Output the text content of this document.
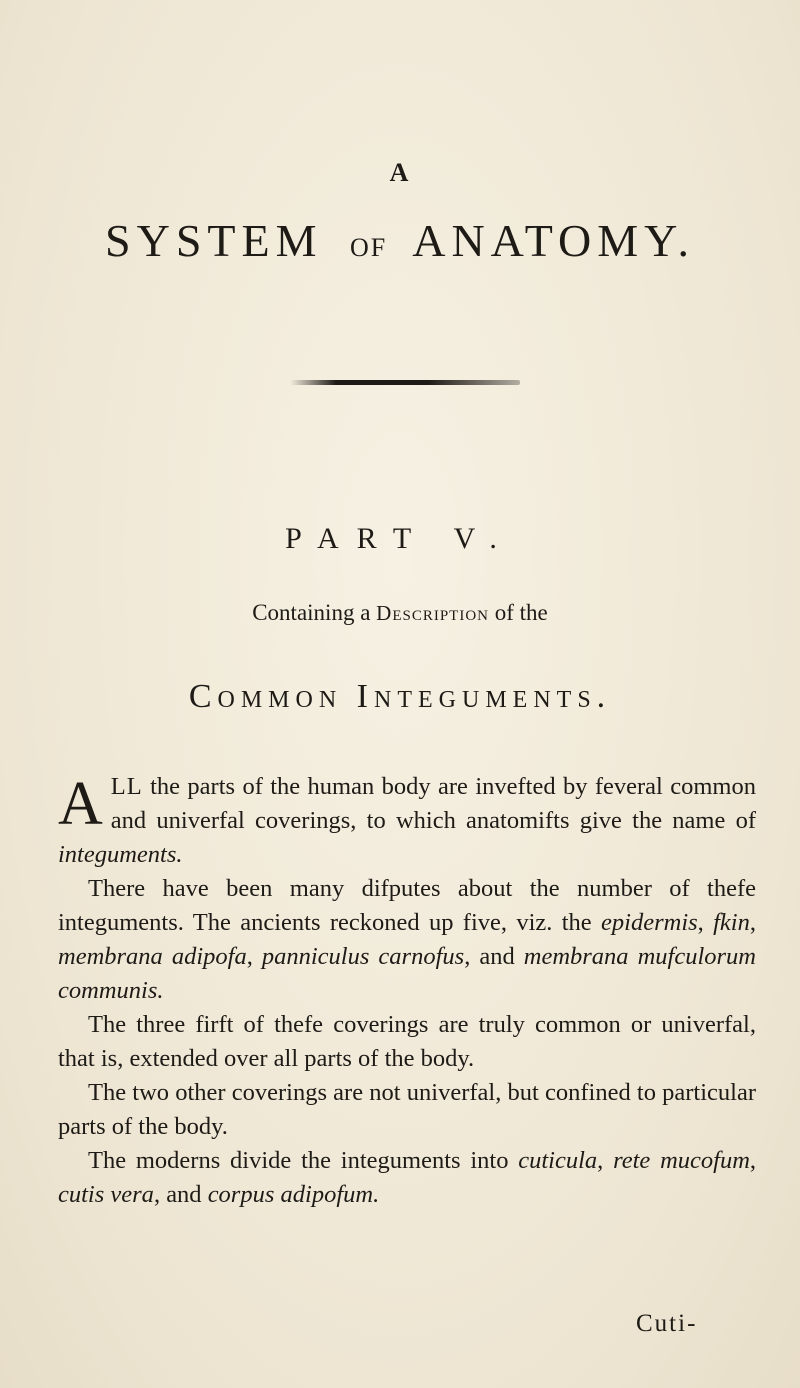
A
SYSTEM OF ANATOMY.
PART V.
Containing a Description of the
Common Integuments.

ALL the parts of the human body are invefted by feveral common and univerfal coverings, to which anatomifts give the name of integuments.

There have been many difputes about the number of thefe integuments. The ancients reckoned up five, viz. the epidermis, fkin, membrana adipofa, panniculus carnofus, and membrana mufculorum communis.

The three firft of thefe coverings are truly common or univerfal, that is, extended over all parts of the body.

The two other coverings are not univerfal, but confined to particular parts of the body.

The moderns divide the integuments into cuticula, rete mucofum, cutis vera, and corpus adipofum.

Cuti-
